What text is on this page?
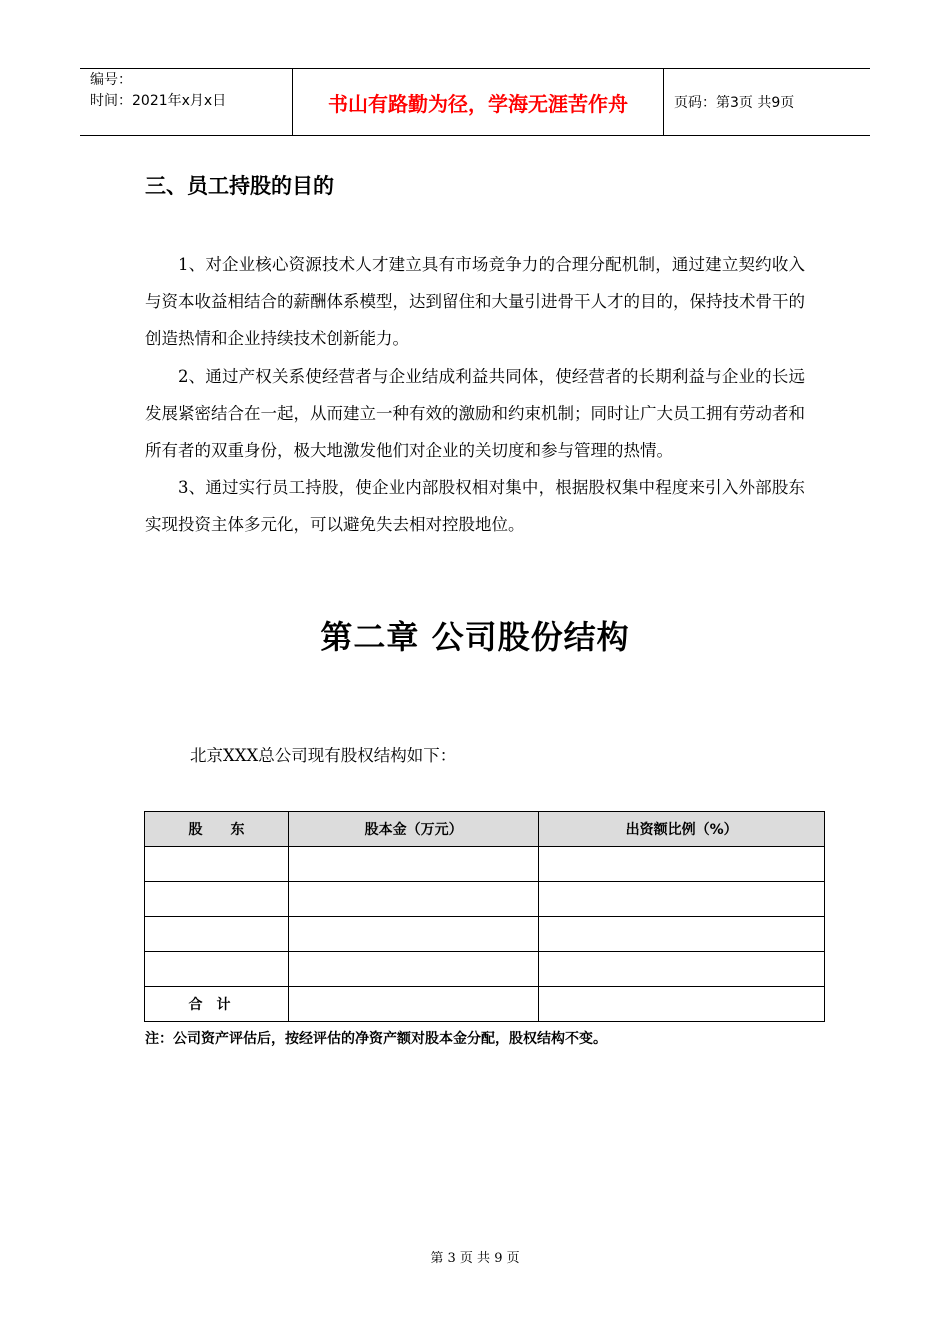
编号：
时间：2021年x月x日	书山有路勤为径，学海无涯苦作舟	页码：第3页 共9页
三、员工持股的目的

1、对企业核心资源技术人才建立具有市场竞争力的合理分配机制，通过建立契约收入与资本收益相结合的薪酬体系模型，达到留住和大量引进骨干人才的目的，保持技术骨干的创造热情和企业持续技术创新能力。

2、通过产权关系使经营者与企业结成利益共同体，使经营者的长期利益与企业的长远发展紧密结合在一起，从而建立一种有效的激励和约束机制；同时让广大员工拥有劳动者和所有者的双重身份，极大地激发他们对企业的关切度和参与管理的热情。

3、通过实行员工持股，使企业内部股权相对集中，根据股权集中程度来引入外部股东实现投资主体多元化，可以避免失去相对控股地位。

第二章 公司股份结构
北京XXX总公司现有股权结构如下：
股　　东	股本金（万元）	出资额比例（%）

合计		
注：公司资产评估后，按经评估的净资产额对股本金分配，股权结构不变。
第 3 页 共 9 页
